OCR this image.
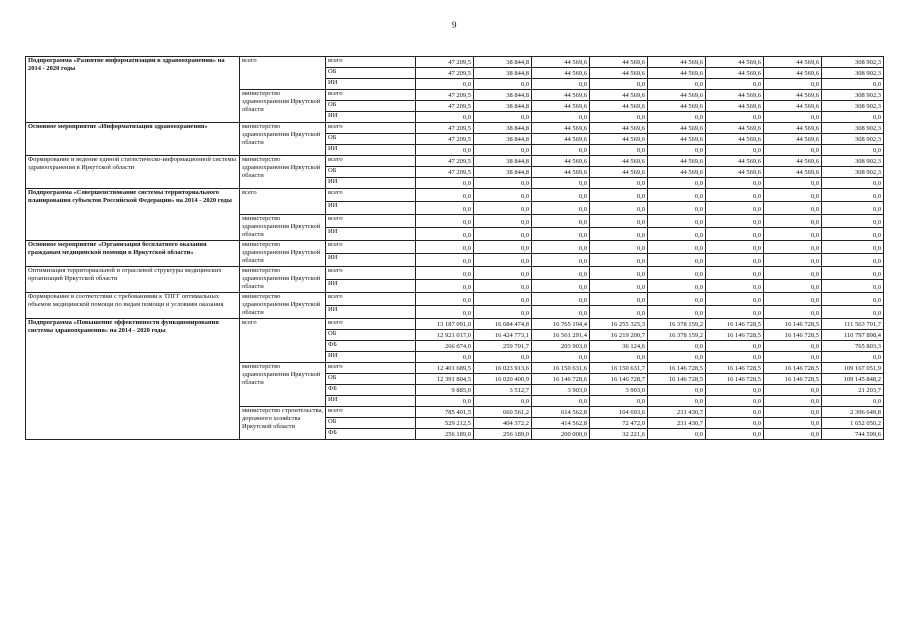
9
Подпрограмма «Развитие информатизации в здравоохранении» на 2014 - 2020 годы	всего	всего	47 209,5	38 844,8	44 569,6	44 569,6	44 569,6	44 569,6	44 569,6	308 902,3
		ОБ	47 209,5	38 844,8	44 569,6	44 569,6	44 569,6	44 569,6	44 569,6	308 902,3
		ИИ	0,0	0,0	0,0	0,0	0,0	0,0	0,0	0,0
	министерство здравоохранения Иркутской области	всего	47 209,5	38 844,8	44 569,6	44 569,6	44 569,6	44 569,6	44 569,6	308 902,3
		ОБ	47 209,5	38 844,8	44 569,6	44 569,6	44 569,6	44 569,6	44 569,6	308 902,3
		ИИ	0,0	0,0	0,0	0,0	0,0	0,0	0,0	0,0
Основное мероприятие «Информатизация здравоохранения»	министерство здравоохранения Иркутской области	всего	47 209,5	38 844,8	44 569,6	44 569,6	44 569,6	44 569,6	44 569,6	308 902,3
		ОБ	47 209,5	38 844,8	44 569,6	44 569,6	44 569,6	44 569,6	44 569,6	308 902,3
		ИИ	0,0	0,0	0,0	0,0	0,0	0,0	0,0	0,0
Формирование и ведение единой статистическо-информационной системы здравоохранения в Иркутской области	министерство здравоохранения Иркутской области	всего	47 209,5	38 844,8	44 569,6	44 569,6	44 569,6	44 569,6	44 569,6	308 902,3
		ОБ	47 209,5	38 844,8	44 569,6	44 569,6	44 569,6	44 569,6	44 569,6	308 902,3
		ИИ	0,0	0,0	0,0	0,0	0,0	0,0	0,0	0,0
Подпрограмма «Совершенствование системы территориального планирования субъектов Российской Федерации» на 2014 - 2020 годы	всего	всего	0,0	0,0	0,0	0,0	0,0	0,0	0,0	0,0
		ИИ	0,0	0,0	0,0	0,0	0,0	0,0	0,0	0,0
	министерство здравоохранения Иркутской области	всего	0,0	0,0	0,0	0,0	0,0	0,0	0,0	0,0
		ИИ	0,0	0,0	0,0	0,0	0,0	0,0	0,0	0,0
Основное мероприятие «Организация бесплатного оказания гражданам медицинской помощи в Иркутской области»	министерство здравоохранения Иркутской области	всего	0,0	0,0	0,0	0,0	0,0	0,0	0,0	0,0
		ИИ	0,0	0,0	0,0	0,0	0,0	0,0	0,0	0,0
Оптимизация территориальной и отраслевой структуры медицинских организаций Иркутской области	министерство здравоохранения Иркутской области	всего	0,0	0,0	0,0	0,0	0,0	0,0	0,0	0,0
		ИИ	0,0	0,0	0,0	0,0	0,0	0,0	0,0	0,0
Формирование в соответствии с требованиями к ТПГГ оптимальных объемов медицинской помощи по видам помощи и условиям оказания	министерство здравоохранения Иркутской области	всего	0,0	0,0	0,0	0,0	0,0	0,0	0,0	0,0
		ИИ	0,0	0,0	0,0	0,0	0,0	0,0	0,0	0,0
Подпрограмма «Повышение эффективности функционирования системы здравоохранения» на 2014 - 2020 годы	всего	всего	13 187 091,0	16 684 474,8	16 765 194,4	16 255 325,3	16 378 159,2	16 146 728,5	16 146 728,5	111 563 701,7
		ОБ	12 921 017,0	16 424 773,1	16 561 291,4	16 219 200,7	16 378 159,2	16 146 728,5	16 146 728,5	110 797 898,4
		ФБ	266 074,0	259 701,7	203 903,0	36 124,6	0,0	0,0	0,0	765 803,3
		ИИ	0,0	0,0	0,0	0,0	0,0	0,0	0,0	0,0
	министерство здравоохранения Иркутской области	всего	12 401 689,5	16 023 913,6	16 150 631,6	16 150 631,7	16 146 728,5	16 146 728,5	16 146 728,5	109 167 051,9
		ОБ	12 391 804,5	16 020 400,9	16 146 728,6	16 146 728,7	16 146 728,5	16 146 728,5	16 146 728,5	109 145 848,2
		ФБ	9 885,0	3 512,7	3 903,0	3 903,0	0,0	0,0	0,0	21 203,7
		ИИ	0,0	0,0	0,0	0,0	0,0	0,0	0,0	0,0
	министерство строительства, дорожного хозяйства Иркутской области	всего	785 401,5	660 561,2	614 562,8	104 693,6	231 430,7	0,0	0,0	2 396 649,8
		ОБ	529 212,5	404 372,2	414 562,8	72 472,0	231 430,7	0,0	0,0	1 652 050,2
		ФБ	256 189,0	256 189,0	200 000,0	32 221,6	0,0	0,0	0,0	744 599,6
